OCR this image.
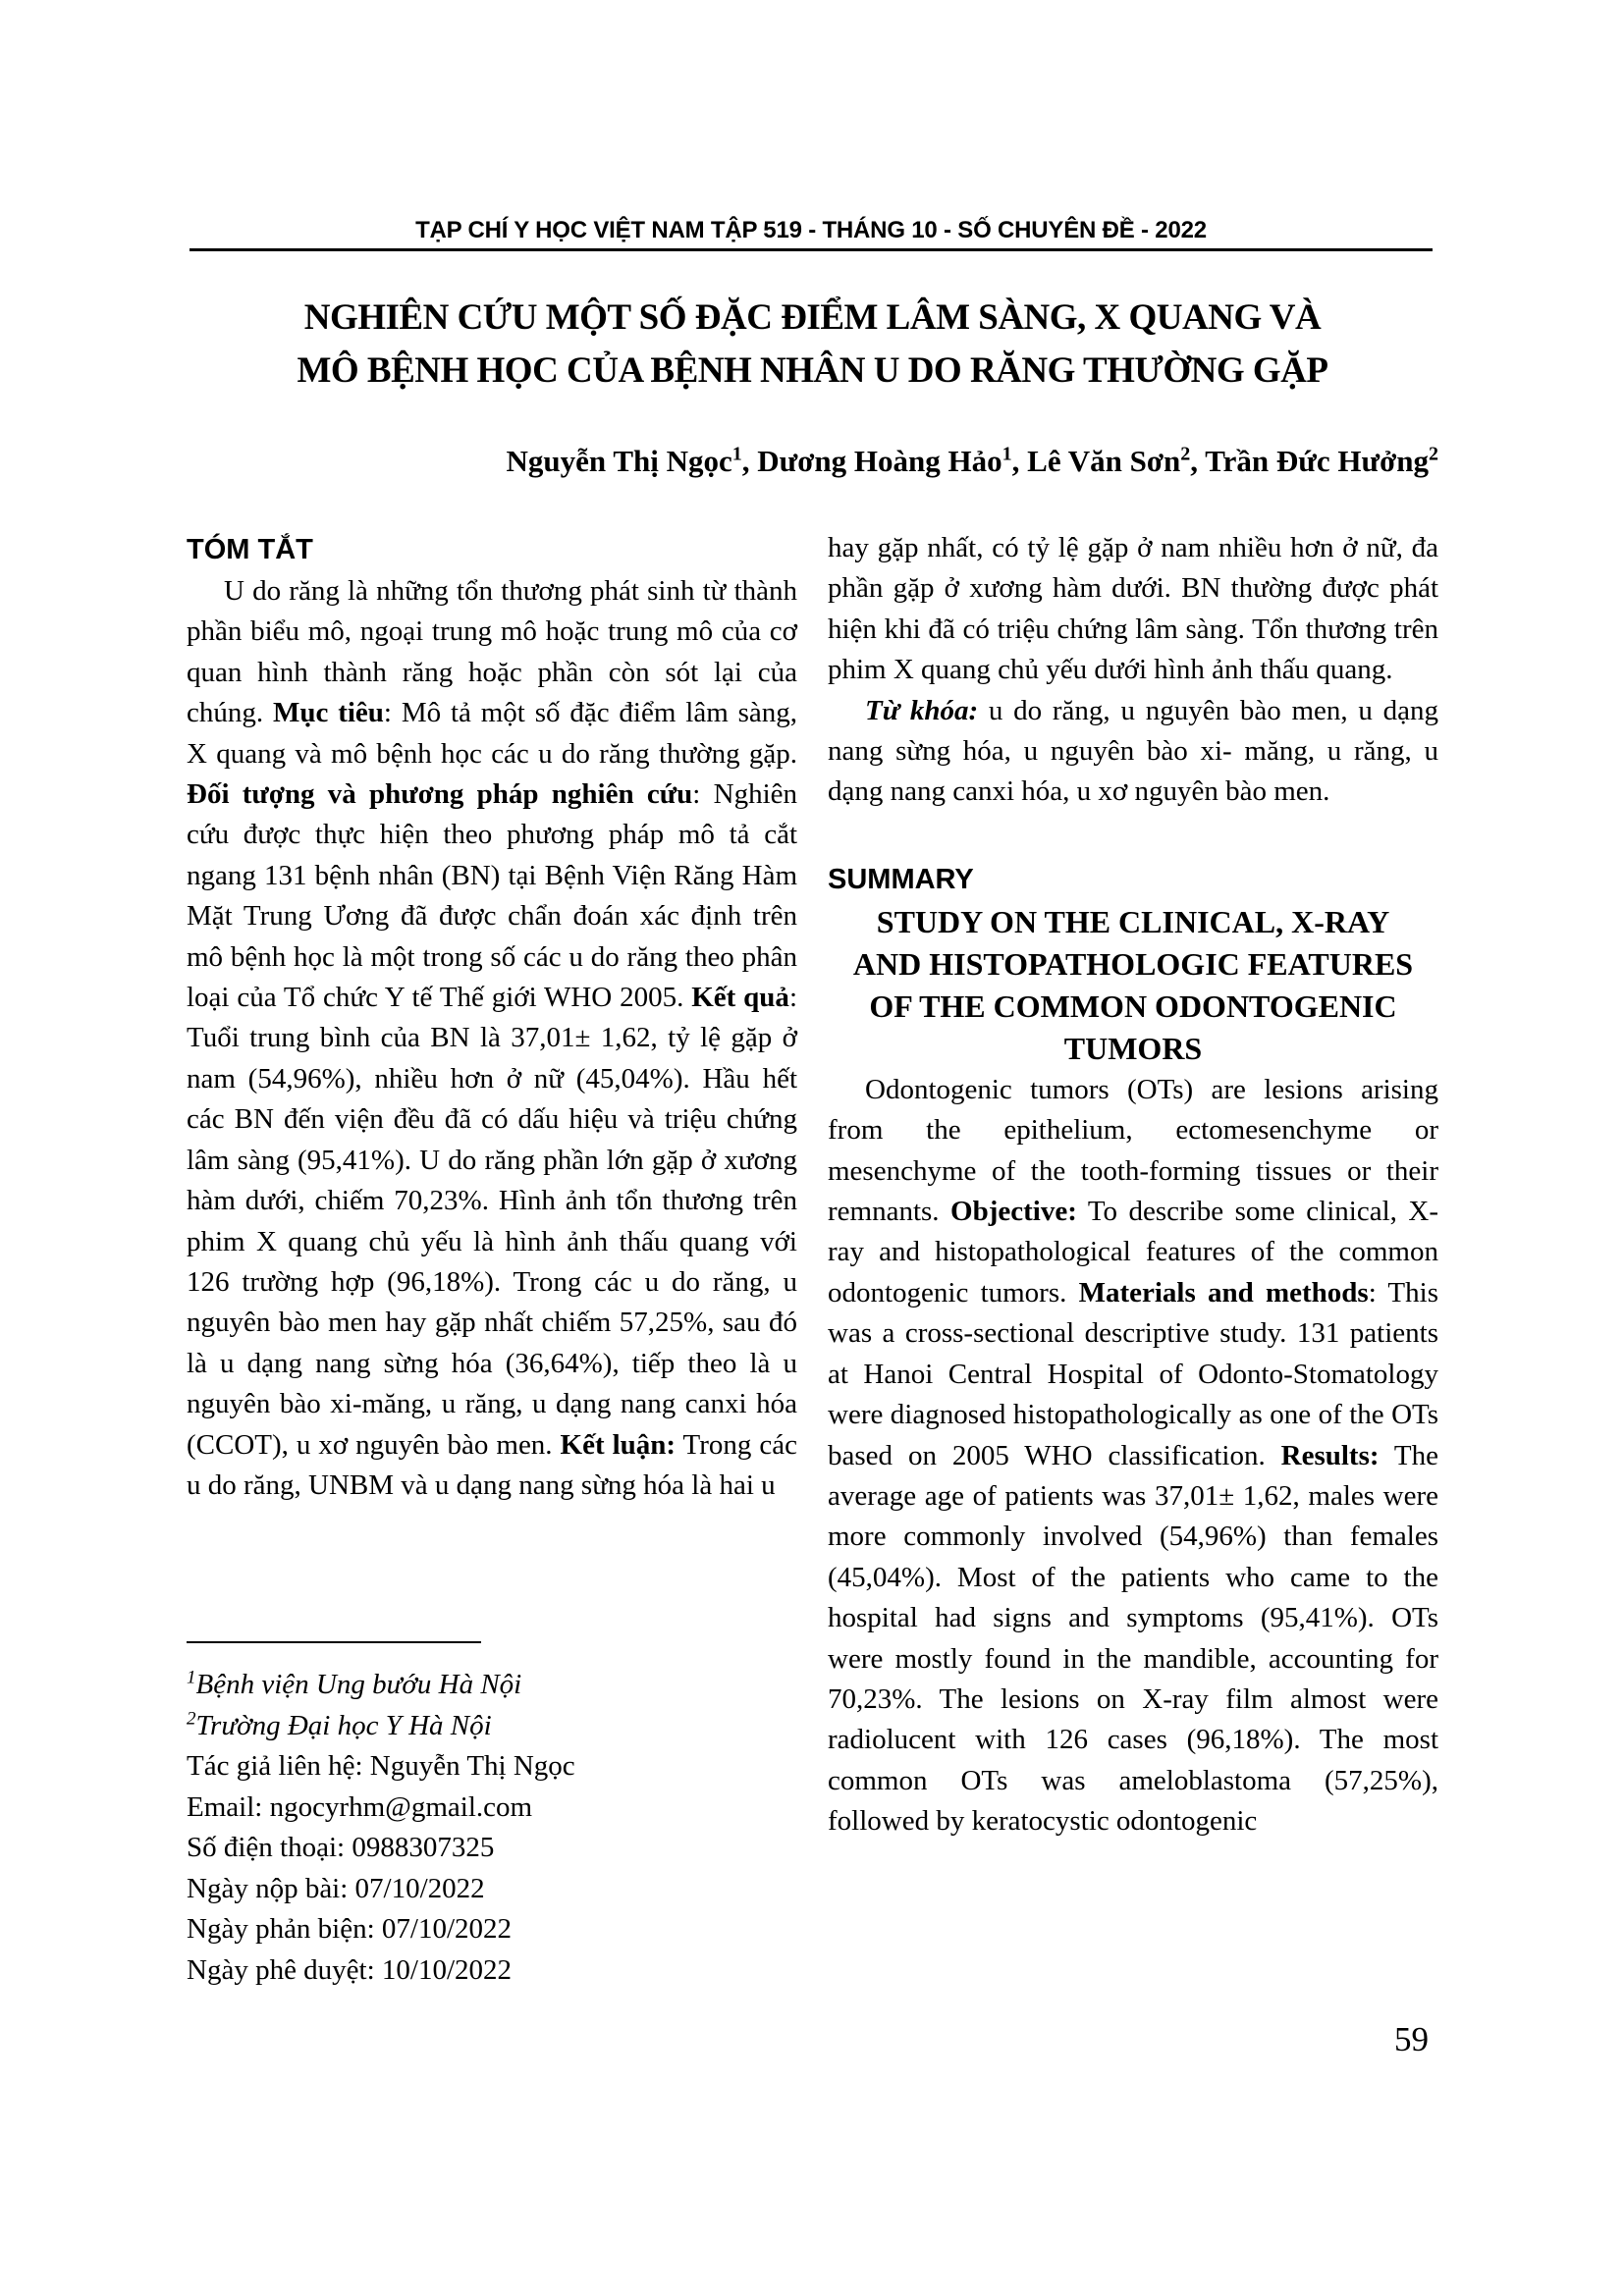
TẠP CHÍ Y HỌC VIỆT NAM TẬP 519 - THÁNG 10 - SỐ CHUYÊN ĐỀ - 2022
NGHIÊN CỨU MỘT SỐ ĐẶC ĐIỂM LÂM SÀNG, X QUANG VÀ
MÔ BỆNH HỌC CỦA BỆNH NHÂN U DO RĂNG THƯỜNG GẶP
Nguyễn Thị Ngọc$^1$, Dương Hoàng Hảo$^1$, Lê Văn Sơn$^2$, Trần Đức Hưởng$^2$
TÓM TẮT

U do răng là những tổn thương phát sinh từ thành phần biểu mô, ngoại trung mô hoặc trung mô của cơ quan hình thành răng hoặc phần còn sót lại của chúng. Mục tiêu: Mô tả một số đặc điểm lâm sàng, X quang và mô bệnh học các u do răng thường gặp. Đối tượng và phương pháp nghiên cứu: Nghiên cứu được thực hiện theo phương pháp mô tả cắt ngang 131 bệnh nhân (BN) tại Bệnh Viện Răng Hàm Mặt Trung Ương đã được chẩn đoán xác định trên mô bệnh học là một trong số các u do răng theo phân loại của Tổ chức Y tế Thế giới WHO 2005. Kết quả: Tuổi trung bình của BN là 37,01± 1,62, tỷ lệ gặp ở nam (54,96%), nhiều hơn ở nữ (45,04%). Hầu hết các BN đến viện đều đã có dấu hiệu và triệu chứng lâm sàng (95,41%). U do răng phần lớn gặp ở xương hàm dưới, chiếm 70,23%. Hình ảnh tổn thương trên phim X quang chủ yếu là hình ảnh thấu quang với 126 trường hợp (96,18%). Trong các u do răng, u nguyên bào men hay gặp nhất chiếm 57,25%, sau đó là u dạng nang sừng hóa (36,64%), tiếp theo là u nguyên bào xi-măng, u răng, u dạng nang canxi hóa (CCOT), u xơ nguyên bào men. Kết luận: Trong các u do răng, UNBM và u dạng nang sừng hóa là hai u

hay gặp nhất, có tỷ lệ gặp ở nam nhiều hơn ở nữ, đa phần gặp ở xương hàm dưới. BN thường được phát hiện khi đã có triệu chứng lâm sàng. Tổn thương trên phim X quang chủ yếu dưới hình ảnh thấu quang.

Từ khóa: u do răng, u nguyên bào men, u dạng nang sừng hóa, u nguyên bào xi- măng, u răng, u dạng nang canxi hóa, u xơ nguyên bào men.

SUMMARY
STUDY ON THE CLINICAL, X-RAY
AND HISTOPATHOLOGIC FEATURES
OF THE COMMON ODONTOGENIC
TUMORS

Odontogenic tumors (OTs) are lesions arising from the epithelium, ectomesenchyme or mesenchyme of the tooth-forming tissues or their remnants. Objective: To describe some clinical, X-ray and histopathological features of the common odontogenic tumors. Materials and methods: This was a cross-sectional descriptive study. 131 patients at Hanoi Central Hospital of Odonto-Stomatology were diagnosed histopathologically as one of the OTs based on 2005 WHO classification. Results: The average age of patients was 37,01± 1,62, males were more commonly involved (54,96%) than females (45,04%). Most of the patients who came to the hospital had signs and symptoms (95,41%). OTs were mostly found in the mandible, accounting for 70,23%. The lesions on X-ray film almost were radiolucent with 126 cases (96,18%). The most common OTs was ameloblastoma (57,25%), followed by keratocystic odontogenic

$^1$Bệnh viện Ung bướu Hà Nội
$^2$Trường Đại học Y Hà Nội
Tác giả liên hệ: Nguyễn Thị Ngọc
Email: ngocyrhm@gmail.com
Số điện thoại: 0988307325
Ngày nộp bài: 07/10/2022
Ngày phản biện: 07/10/2022
Ngày phê duyệt: 10/10/2022
59
